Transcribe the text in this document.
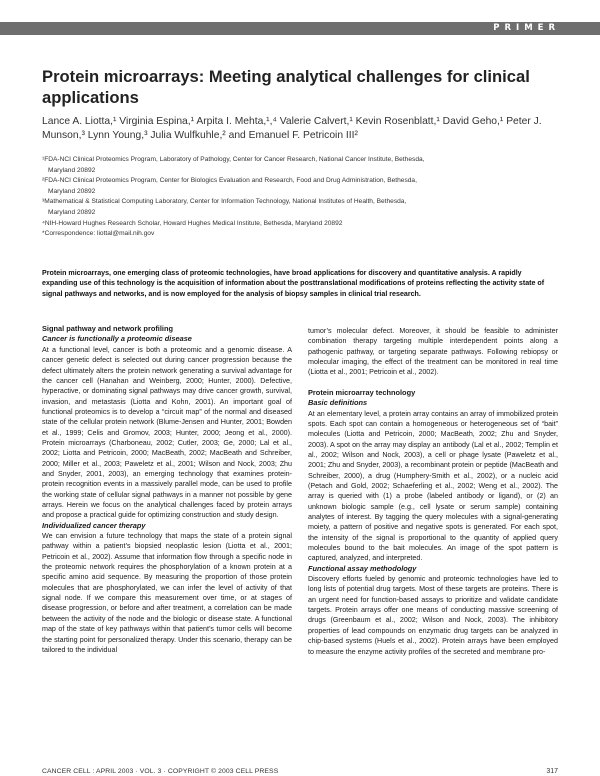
PRIMER
Protein microarrays: Meeting analytical challenges for clinical applications
Lance A. Liotta,¹ Virginia Espina,¹ Arpita I. Mehta,¹,⁴ Valerie Calvert,¹ Kevin Rosenblatt,¹ David Geho,¹ Peter J.
Munson,³ Lynn Young,³ Julia Wulfkuhle,² and Emanuel F. Petricoin III²
¹FDA-NCI Clinical Proteomics Program, Laboratory of Pathology, Center for Cancer Research, National Cancer Institute, Bethesda,
Maryland 20892
²FDA-NCI Clinical Proteomics Program, Center for Biologics Evaluation and Research, Food and Drug Administration, Bethesda,
Maryland 20892
³Mathematical & Statistical Computing Laboratory, Center for Information Technology, National Institutes of Health, Bethesda,
Maryland 20892
⁴NIH-Howard Hughes Research Scholar, Howard Hughes Medical Institute, Bethesda, Maryland 20892
*Correspondence: liottal@mail.nih.gov

Protein microarrays, one emerging class of proteomic technologies, have broad applications for discovery and quantitative analysis. A rapidly expanding use of this technology is the acquisition of information about the posttranslational modifications of proteins reflecting the activity state of signal pathways and networks, and is now employed for the analysis of biopsy samples in clinical trial research.

Signal pathway and network profiling
Cancer is functionally a proteomic disease

At a functional level, cancer is both a proteomic and a genomic disease. A cancer genetic defect is selected out during cancer progression because the defect ultimately alters the protein network generating a survival advantage for the cancer cell (Hanahan and Weinberg, 2000; Hunter, 2000). Defective, hyperactive, or dominating signal pathways may drive cancer growth, survival, invasion, and metastasis (Liotta and Kohn, 2001). An important goal of functional proteomics is to develop a “circuit map” of the normal and diseased state of the cellular protein network (Blume-Jensen and Hunter, 2001; Bowden et al., 1999; Celis and Gromov, 2003; Hunter, 2000; Jeong et al., 2000). Protein microarrays (Charboneau, 2002; Cutler, 2003; Ge, 2000; Lal et al., 2002; Liotta and Petricoin, 2000; MacBeath, 2002; MacBeath and Schreiber, 2000; Miller et al., 2003; Paweletz et al., 2001; Wilson and Nock, 2003; Zhu and Snyder, 2001, 2003), an emerging technology that examines protein-protein recognition events in a massively parallel mode, can be used to profile the working state of cellular signal pathways in a manner not possible by gene arrays. Herein we focus on the analytical challenges faced by protein arrays and propose a practical guide for optimizing construction and study design.

Individualized cancer therapy

We can envision a future technology that maps the state of a protein signal pathway within a patient’s biopsied neoplastic lesion (Liotta et al., 2001; Petricoin et al., 2002). Assume that information flow through a specific node in the proteomic network requires the phosphorylation of a known protein at a specific amino acid sequence. By measuring the proportion of those protein molecules that are phosphorylated, we can infer the level of activity of that signal node. If we compare this measurement over time, or at stages of disease progression, or before and after treatment, a correlation can be made between the activity of the node and the biologic or disease state. A functional map of the state of key pathways within that patient’s tumor cells will become the starting point for personalized therapy. Under this scenario, therapy can be tailored to the individual

tumor’s molecular defect. Moreover, it should be feasible to administer combination therapy targeting multiple interdependent points along a pathogenic pathway, or targeting separate pathways. Following rebiopsy or molecular imaging, the effect of the treatment can be monitored in real time (Liotta et al., 2001; Petricoin et al., 2002).

Protein microarray technology
Basic definitions

At an elementary level, a protein array contains an array of immobilized protein spots. Each spot can contain a homogeneous or heterogeneous set of “bait” molecules (Liotta and Petricoin, 2000; MacBeath, 2002; Zhu and Snyder, 2003). A spot on the array may display an antibody (Lal et al., 2002; Templin et al., 2002; Wilson and Nock, 2003), a cell or phage lysate (Paweletz et al., 2001; Zhu and Snyder, 2003), a recombinant protein or peptide (MacBeath and Schreiber, 2000), a drug (Humphery-Smith et al., 2002), or a nucleic acid (Petach and Gold, 2002; Schaeferling et al., 2002; Weng et al., 2002). The array is queried with (1) a probe (labeled antibody or ligand), or (2) an unknown biologic sample (e.g., cell lysate or serum sample) containing analytes of interest. By tagging the query molecules with a signal-generating moiety, a pattern of positive and negative spots is generated. For each spot, the intensity of the signal is proportional to the quantity of applied query molecules bound to the bait molecules. An image of the spot pattern is captured, analyzed, and interpreted.

Functional assay methodology

Discovery efforts fueled by genomic and proteomic technologies have led to long lists of potential drug targets. Most of these targets are proteins. There is an urgent need for function-based assays to prioritize and validate candidate targets. Protein arrays offer one means of conducting massive screening of drugs (Greenbaum et al., 2002; Wilson and Nock, 2003). The inhibitory properties of lead compounds on enzymatic drug targets can be analyzed in chip-based systems (Huels et al., 2002). Protein arrays have been employed to measure the enzyme activity profiles of the secreted and membrane pro-

CANCER CELL : APRIL 2003 · VOL. 3 · COPYRIGHT © 2003 CELL PRESS	317
